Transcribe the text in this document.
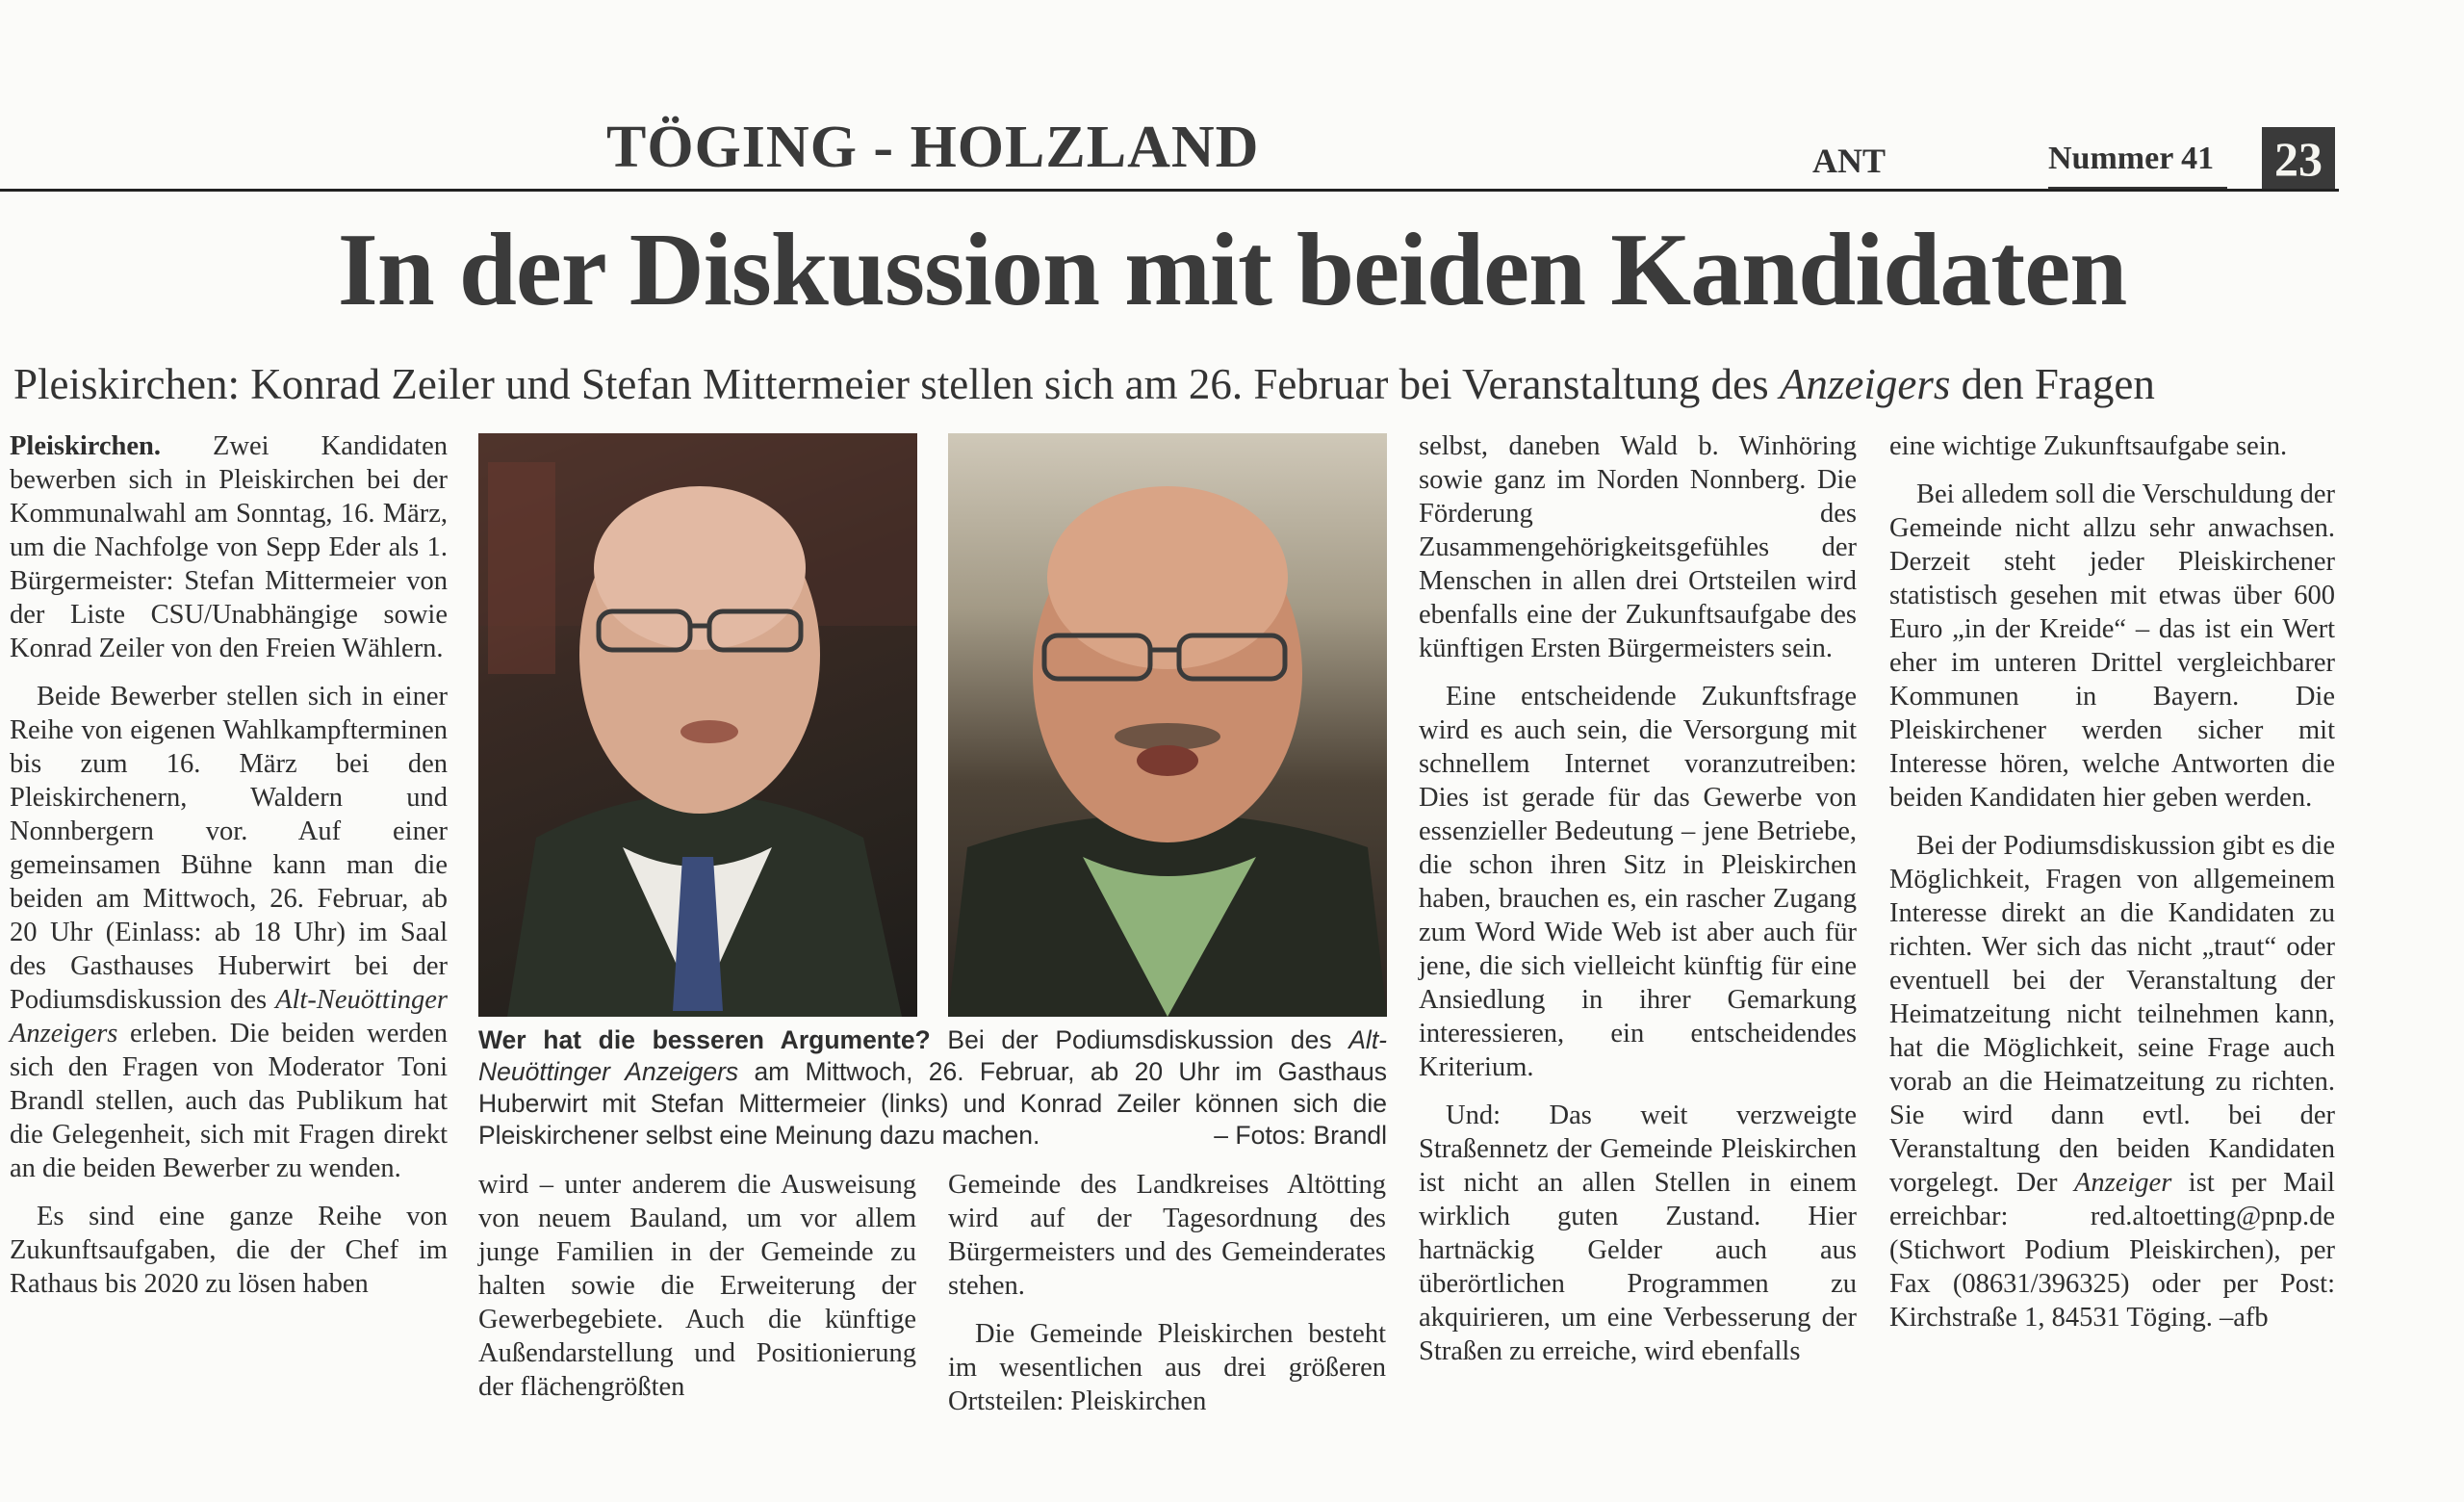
TÖGING - HOLZLAND	ANT	Nummer 41 23
In der Diskussion mit beiden Kandidaten
Pleiskirchen: Konrad Zeiler und Stefan Mittermeier stellen sich am 26. Februar bei Veranstaltung des Anzeigers den Fragen

Pleiskirchen. Zwei Kandidaten bewerben sich in Pleiskirchen bei der Kommunalwahl am Sonntag, 16. März, um die Nachfolge von Sepp Eder als 1. Bürgermeister: Stefan Mittermeier von der Liste CSU/Unabhängige sowie Konrad Zeiler von den Freien Wählern.

Beide Bewerber stellen sich in einer Reihe von eigenen Wahlkampfterminen bis zum 16. März bei den Pleiskirchenern, Waldern und Nonnbergern vor. Auf einer gemeinsamen Bühne kann man die beiden am Mittwoch, 26. Februar, ab 20 Uhr (Einlass: ab 18 Uhr) im Saal des Gasthauses Huberwirt bei der Podiumsdiskussion des Alt-Neuöttinger Anzeigers erleben. Die beiden werden sich den Fragen von Moderator Toni Brandl stellen, auch das Publikum hat die Gelegenheit, sich mit Fragen direkt an die beiden Bewerber zu wenden.

Es sind eine ganze Reihe von Zukunftsaufgaben, die der Chef im Rathaus bis 2020 zu lösen haben

Wer hat die besseren Argumente? Bei der Podiumsdiskussion des Alt-Neuöttinger Anzeigers am Mittwoch, 26. Februar, ab 20 Uhr im Gasthaus Huberwirt mit Stefan Mittermeier (links) und Konrad Zeiler können sich die Pleiskirchener selbst eine Meinung dazu machen.	– Fotos: Brandl

wird – unter anderem die Ausweisung von neuem Bauland, um vor allem junge Familien in der Gemeinde zu halten sowie die Erweiterung der Gewerbegebiete. Auch die künftige Außendarstellung und Positionierung der flächengrößten

Gemeinde des Landkreises Altötting wird auf der Tagesordnung des Bürgermeisters und des Gemeinderates stehen.

Die Gemeinde Pleiskirchen besteht im wesentlichen aus drei größeren Ortsteilen: Pleiskirchen

selbst, daneben Wald b. Winhöring sowie ganz im Norden Nonnberg. Die Förderung des Zusammengehörigkeitsgefühles der Menschen in allen drei Ortsteilen wird ebenfalls eine der Zukunftsaufgabe des künftigen Ersten Bürgermeisters sein.

Eine entscheidende Zukunftsfrage wird es auch sein, die Versorgung mit schnellem Internet voranzutreiben: Dies ist gerade für das Gewerbe von essenzieller Bedeutung – jene Betriebe, die schon ihren Sitz in Pleiskirchen haben, brauchen es, ein rascher Zugang zum Word Wide Web ist aber auch für jene, die sich vielleicht künftig für eine Ansiedlung in ihrer Gemarkung interessieren, ein entscheidendes Kriterium.

Und: Das weit verzweigte Straßennetz der Gemeinde Pleiskirchen ist nicht an allen Stellen in einem wirklich guten Zustand. Hier hartnäckig Gelder auch aus überörtlichen Programmen zu akquirieren, um eine Verbesserung der Straßen zu erreiche, wird ebenfalls

eine wichtige Zukunftsaufgabe sein.

Bei alledem soll die Verschuldung der Gemeinde nicht allzu sehr anwachsen. Derzeit steht jeder Pleiskirchener statistisch gesehen mit etwas über 600 Euro „in der Kreide“ – das ist ein Wert eher im unteren Drittel vergleichbarer Kommunen in Bayern. Die Pleiskirchener werden sicher mit Interesse hören, welche Antworten die beiden Kandidaten hier geben werden.

Bei der Podiumsdiskussion gibt es die Möglichkeit, Fragen von allgemeinem Interesse direkt an die Kandidaten zu richten. Wer sich das nicht „traut“ oder eventuell bei der Veranstaltung der Heimatzeitung nicht teilnehmen kann, hat die Möglichkeit, seine Frage auch vorab an die Heimatzeitung zu richten. Sie wird dann evtl. bei der Veranstaltung den beiden Kandidaten vorgelegt. Der Anzeiger ist per Mail erreichbar: red.altoetting@pnp.de (Stichwort Podium Pleiskirchen), per Fax (08631/396325) oder per Post: Kirchstraße 1, 84531 Töging. –afb
